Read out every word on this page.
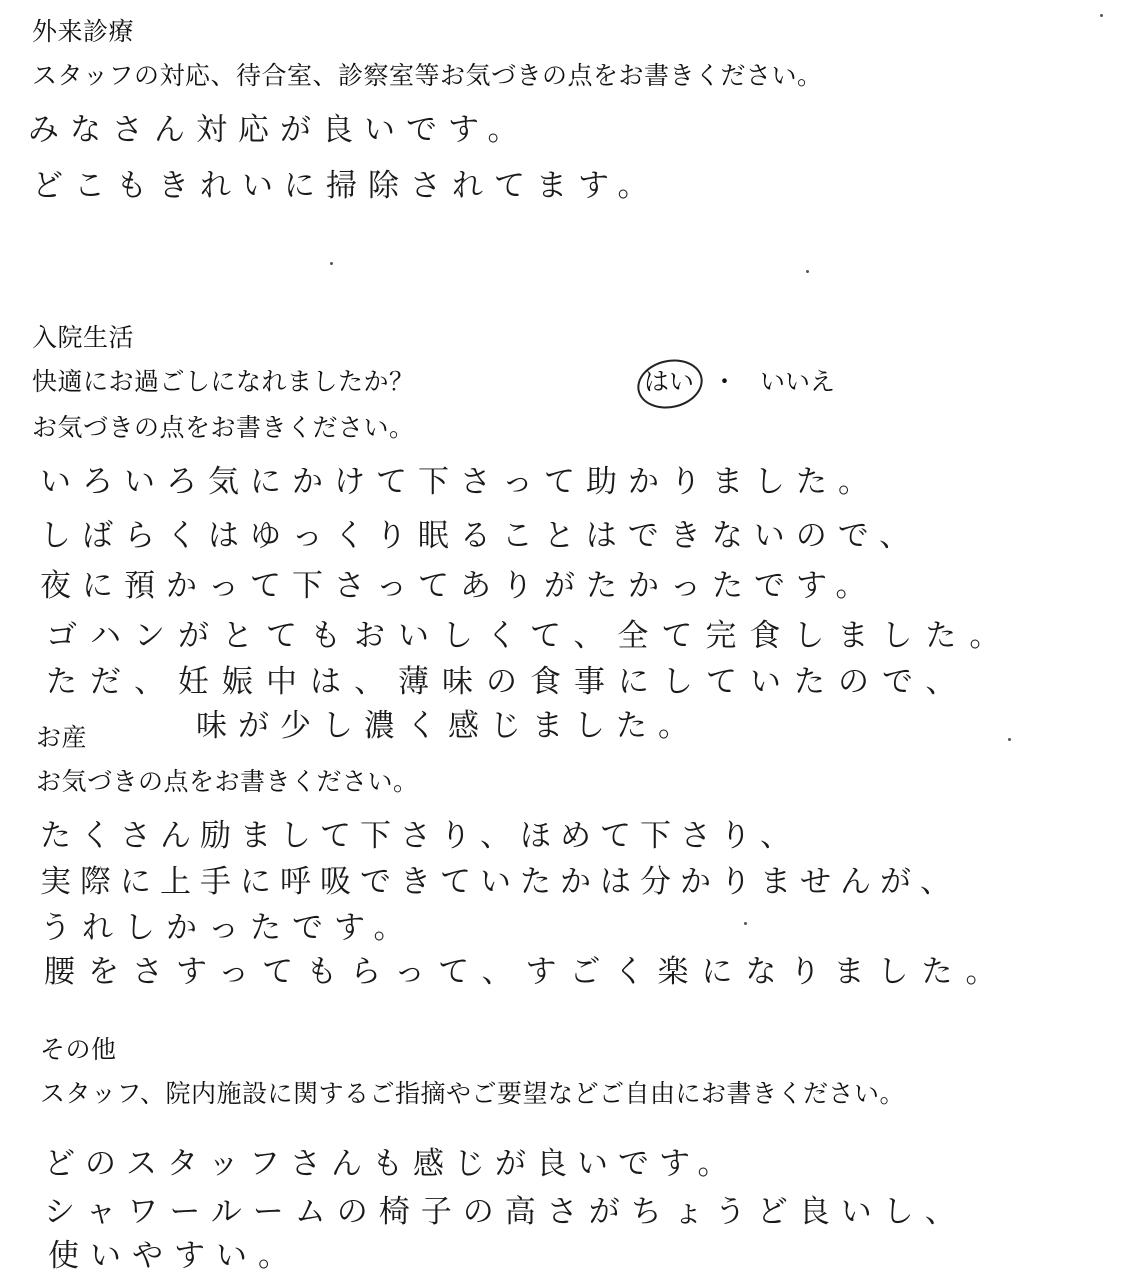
外来診療
スタッフの対応、待合室、診察室等お気づきの点をお書きください。
みなさん対応が良いです。
どこもきれいに掃除されてます。
入院生活
快適にお過ごしになれましたか？	はい ・ いいえ
お気づきの点をお書きください。
いろいろ気にかけて下さって助かりました。
しばらくはゆっくり眠ることはできないので、
夜に預かって下さってありがたかったです。
ゴハンがとてもおいしくて、全て完食しました。
ただ、妊娠中は、薄味の食事にしていたので、
味が少し濃く感じました。
お産
お気づきの点をお書きください。
たくさん励まして下さり、ほめて下さり、
実際に上手に呼吸できていたかは分かりませんが、
うれしかったです。
腰をさすってもらって、すごく楽になりました。
その他
スタッフ、院内施設に関するご指摘やご要望などご自由にお書きください。
どのスタッフさんも感じが良いです。
シャワールームの椅子の高さがちょうど良いし、
使いやすい。
